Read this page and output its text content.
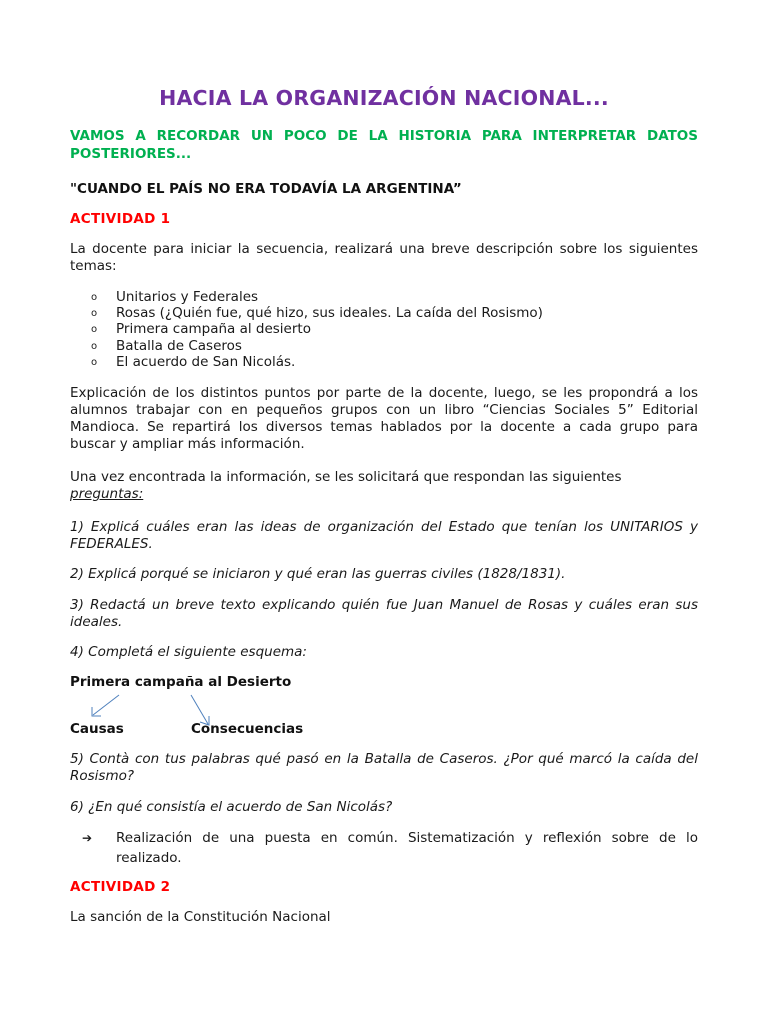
HACIA LA ORGANIZACIÓN NACIONAL...
VAMOS A RECORDAR UN POCO DE LA HISTORIA PARA INTERPRETAR DATOS POSTERIORES...
"CUANDO EL PAÍS NO ERA TODAVÍA LA ARGENTINA”
ACTIVIDAD 1
La docente para iniciar la secuencia, realizará una breve descripción sobre los siguientes temas:
o Unitarios y Federales
o Rosas (¿Quién fue, qué hizo, sus ideales. La caída del Rosismo)
o Primera campaña al desierto
o Batalla de Caseros
o El acuerdo de San Nicolás.
Explicación de los distintos puntos por parte de la docente, luego, se les propondrá a los alumnos trabajar con en pequeños grupos con un libro “Ciencias Sociales 5” Editorial Mandioca. Se repartirá los diversos temas hablados por la docente a cada grupo para buscar y ampliar más información.
Una vez encontrada la información, se les solicitará que respondan las siguientes
preguntas:
1) Explicá cuáles eran las ideas de organización del Estado que tenían los UNITARIOS y FEDERALES.
2) Explicá porqué se iniciaron y qué eran las guerras civiles (1828/1831).
3) Redactá un breve texto explicando quién fue Juan Manuel de Rosas y cuáles eran sus ideales.
4) Completá el siguiente esquema:
Primera campaña al Desierto
Causas	Consecuencias
5) Contà con tus palabras qué pasó en la Batalla de Caseros. ¿Por qué marcó la caída del Rosismo?
6) ¿En qué consistía el acuerdo de San Nicolás?
➔ Realización de una puesta en común. Sistematización y reflexión sobre de lo realizado.
ACTIVIDAD 2
La sanción de la Constitución Nacional
